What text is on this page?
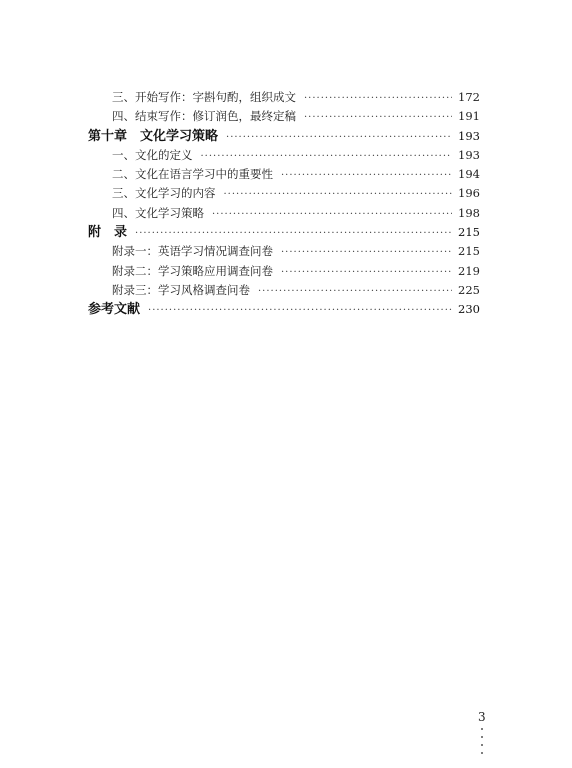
三、开始写作：字斟句酌，组织成文 ·····	172
四、结束写作：修订润色，最终定稿 ·····	191
第十章　文化学习策略 ·····	193
一、文化的定义 ·····	193
二、文化在语言学习中的重要性 ·····	194
三、文化学习的内容 ·····	196
四、文化学习策略 ·····	198
附　录 ·····	215
附录一：英语学习情况调查问卷 ·····	215
附录二：学习策略应用调查问卷 ·····	219
附录三：学习风格调查问卷 ·····	225
参考文献 ·····	230
3
